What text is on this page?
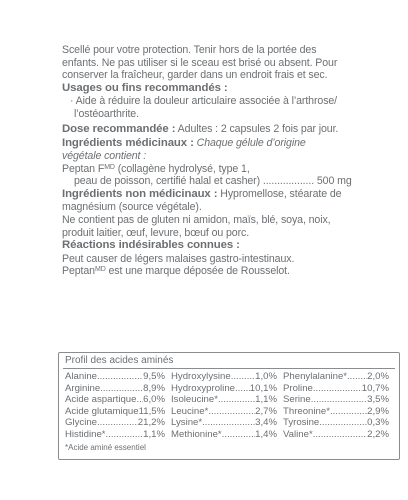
Scellé pour votre protection. Tenir hors de la portée des

enfants. Ne pas utiliser si le sceau est brisé ou absent. Pour

conserver la fraîcheur, garder dans un endroit frais et sec.

Usages ou fins recommandés :

· Aide à réduire la douleur articulaire associée à l’arthrose/

l’ostéoarthrite.

Dose recommandée : Adultes : 2 capsules 2 fois par jour.

Ingrédients médicinaux : Chaque gélule d’origine

végétale contient :

Peptan $F^{MD}$ (collagène hydrolysé, type 1,

peau de poisson, certifié halal et casher) .................. 500 mg

Ingrédients non médicinaux : Hypromellose, stéarate de

magnésium (source végétale).

Ne contient pas de gluten ni amidon, maïs, blé, soya, noix,

produit laitier, œuf, levure, bœuf ou porc.

Réactions indésirables connues :

Peut causer de légers malaises gastro-intestinaux.

Peptan$^{MD}$ est une marque déposée de Rousselot.

Profil des acides aminés
Alanine .....	9,5% Hydroxylysine .....	1,0% Phenylalanine* ..... 2,0%
Arginine .....	8,9% Hydroxyproline ..... 10,1% Proline .....	10,7%
Acide aspartique ..... 6,0% Isoleucine* .....	1,1% Serine .....	3,5%
Acide glutamique 11,5% Leucine* .....	2,7% Threonine* .....	2,9%
Glycine .....	21,2% Lysine* .....	3,4% Tyrosine .....	0,3%
Histidine* .....	1,1% Methionine* .....	1,4% Valine* .....	2,2%
*Acide aminé essentiel
